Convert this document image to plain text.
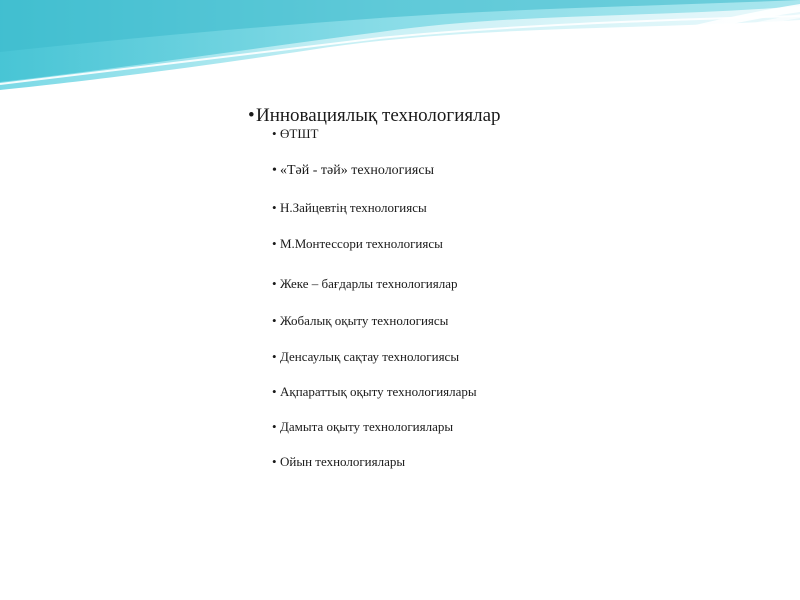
•Инновациялық технологиялар

• ӨТШТ

• «Тәй - тәй» технологиясы

• Н.Зайцевтің технологиясы

• М.Монтессори технологиясы

• Жеке – бағдарлы технологиялар

• Жобалық оқыту технологиясы

• Денсаулық сақтау технологиясы

• Ақпараттық оқыту технологиялары

• Дамыта оқыту технологиялары

• Ойын технологиялары
